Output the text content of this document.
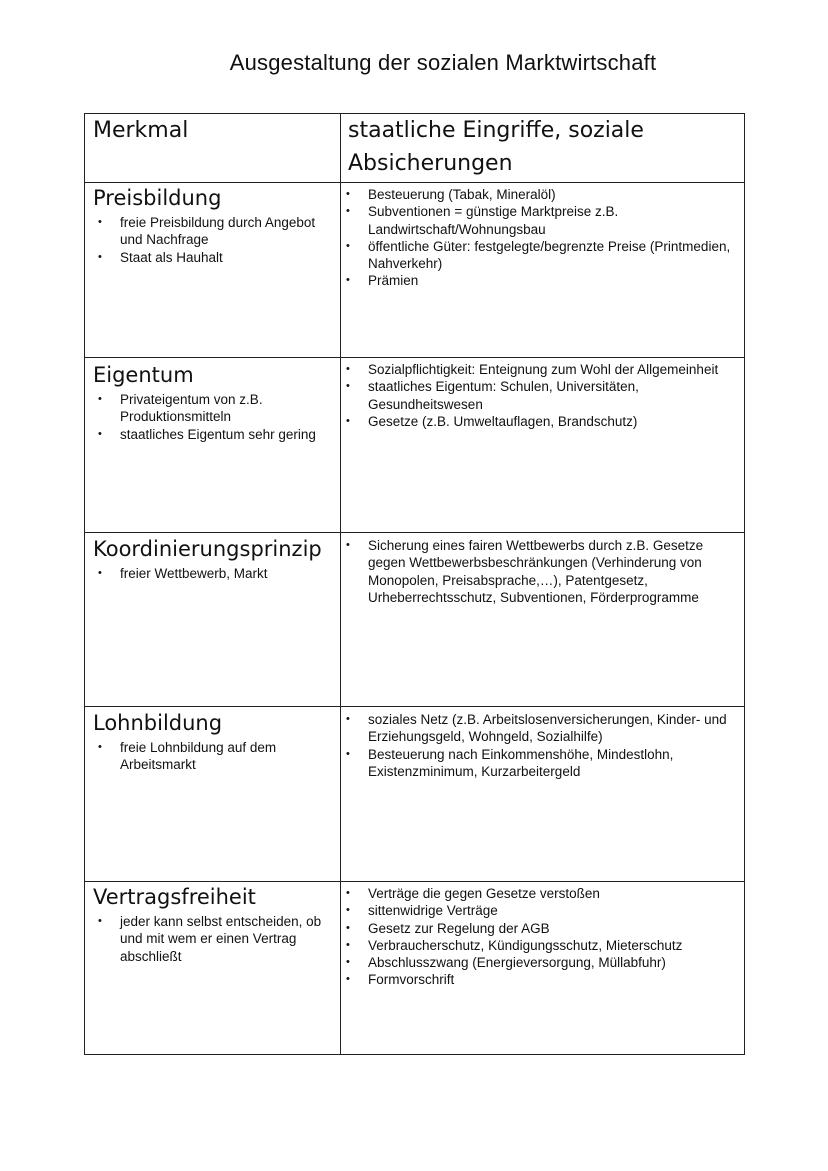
Ausgestaltung der sozialen Marktwirtschaft
Merkmal	staatliche Eingriffe, soziale Absicherungen
Preisbildung
• freie Preisbildung durch Angebot und Nachfrage
• Staat als Hauhalt
• Besteuerung (Tabak, Mineralöl)
• Subventionen = günstige Marktpreise z.B. Landwirtschaft/Wohnungsbau
• öffentliche Güter: festgelegte/begrenzte Preise (Printmedien, Nahverkehr)
• Prämien
Eigentum
• Privateigentum von z.B. Produktionsmitteln
• staatliches Eigentum sehr gering
• Sozialpflichtigkeit: Enteignung zum Wohl der Allgemeinheit
• staatliches Eigentum: Schulen, Universitäten, Gesundheitswesen
• Gesetze (z.B. Umweltauflagen, Brandschutz)
Koordinierungsprinzip
• freier Wettbewerb, Markt
• Sicherung eines fairen Wettbewerbs durch z.B. Gesetze gegen Wettbewerbsbeschränkungen (Verhinderung von Monopolen, Preisabsprache,…), Patentgesetz, Urheberrechtsschutz, Subventionen, Förderprogramme
Lohnbildung
• freie Lohnbildung auf dem Arbeitsmarkt
• soziales Netz (z.B. Arbeitslosenversicherungen, Kinder- und Erziehungsgeld, Wohngeld, Sozialhilfe)
• Besteuerung nach Einkommenshöhe, Mindestlohn, Existenzminimum, Kurzarbeitergeld
Vertragsfreiheit
• jeder kann selbst entscheiden, ob und mit wem er einen Vertrag abschließt
• Verträge die gegen Gesetze verstoßen
• sittenwidrige Verträge
• Gesetz zur Regelung der AGB
• Verbraucherschutz, Kündigungsschutz, Mieterschutz
• Abschlusszwang (Energieversorgung, Müllabfuhr)
• Formvorschrift
